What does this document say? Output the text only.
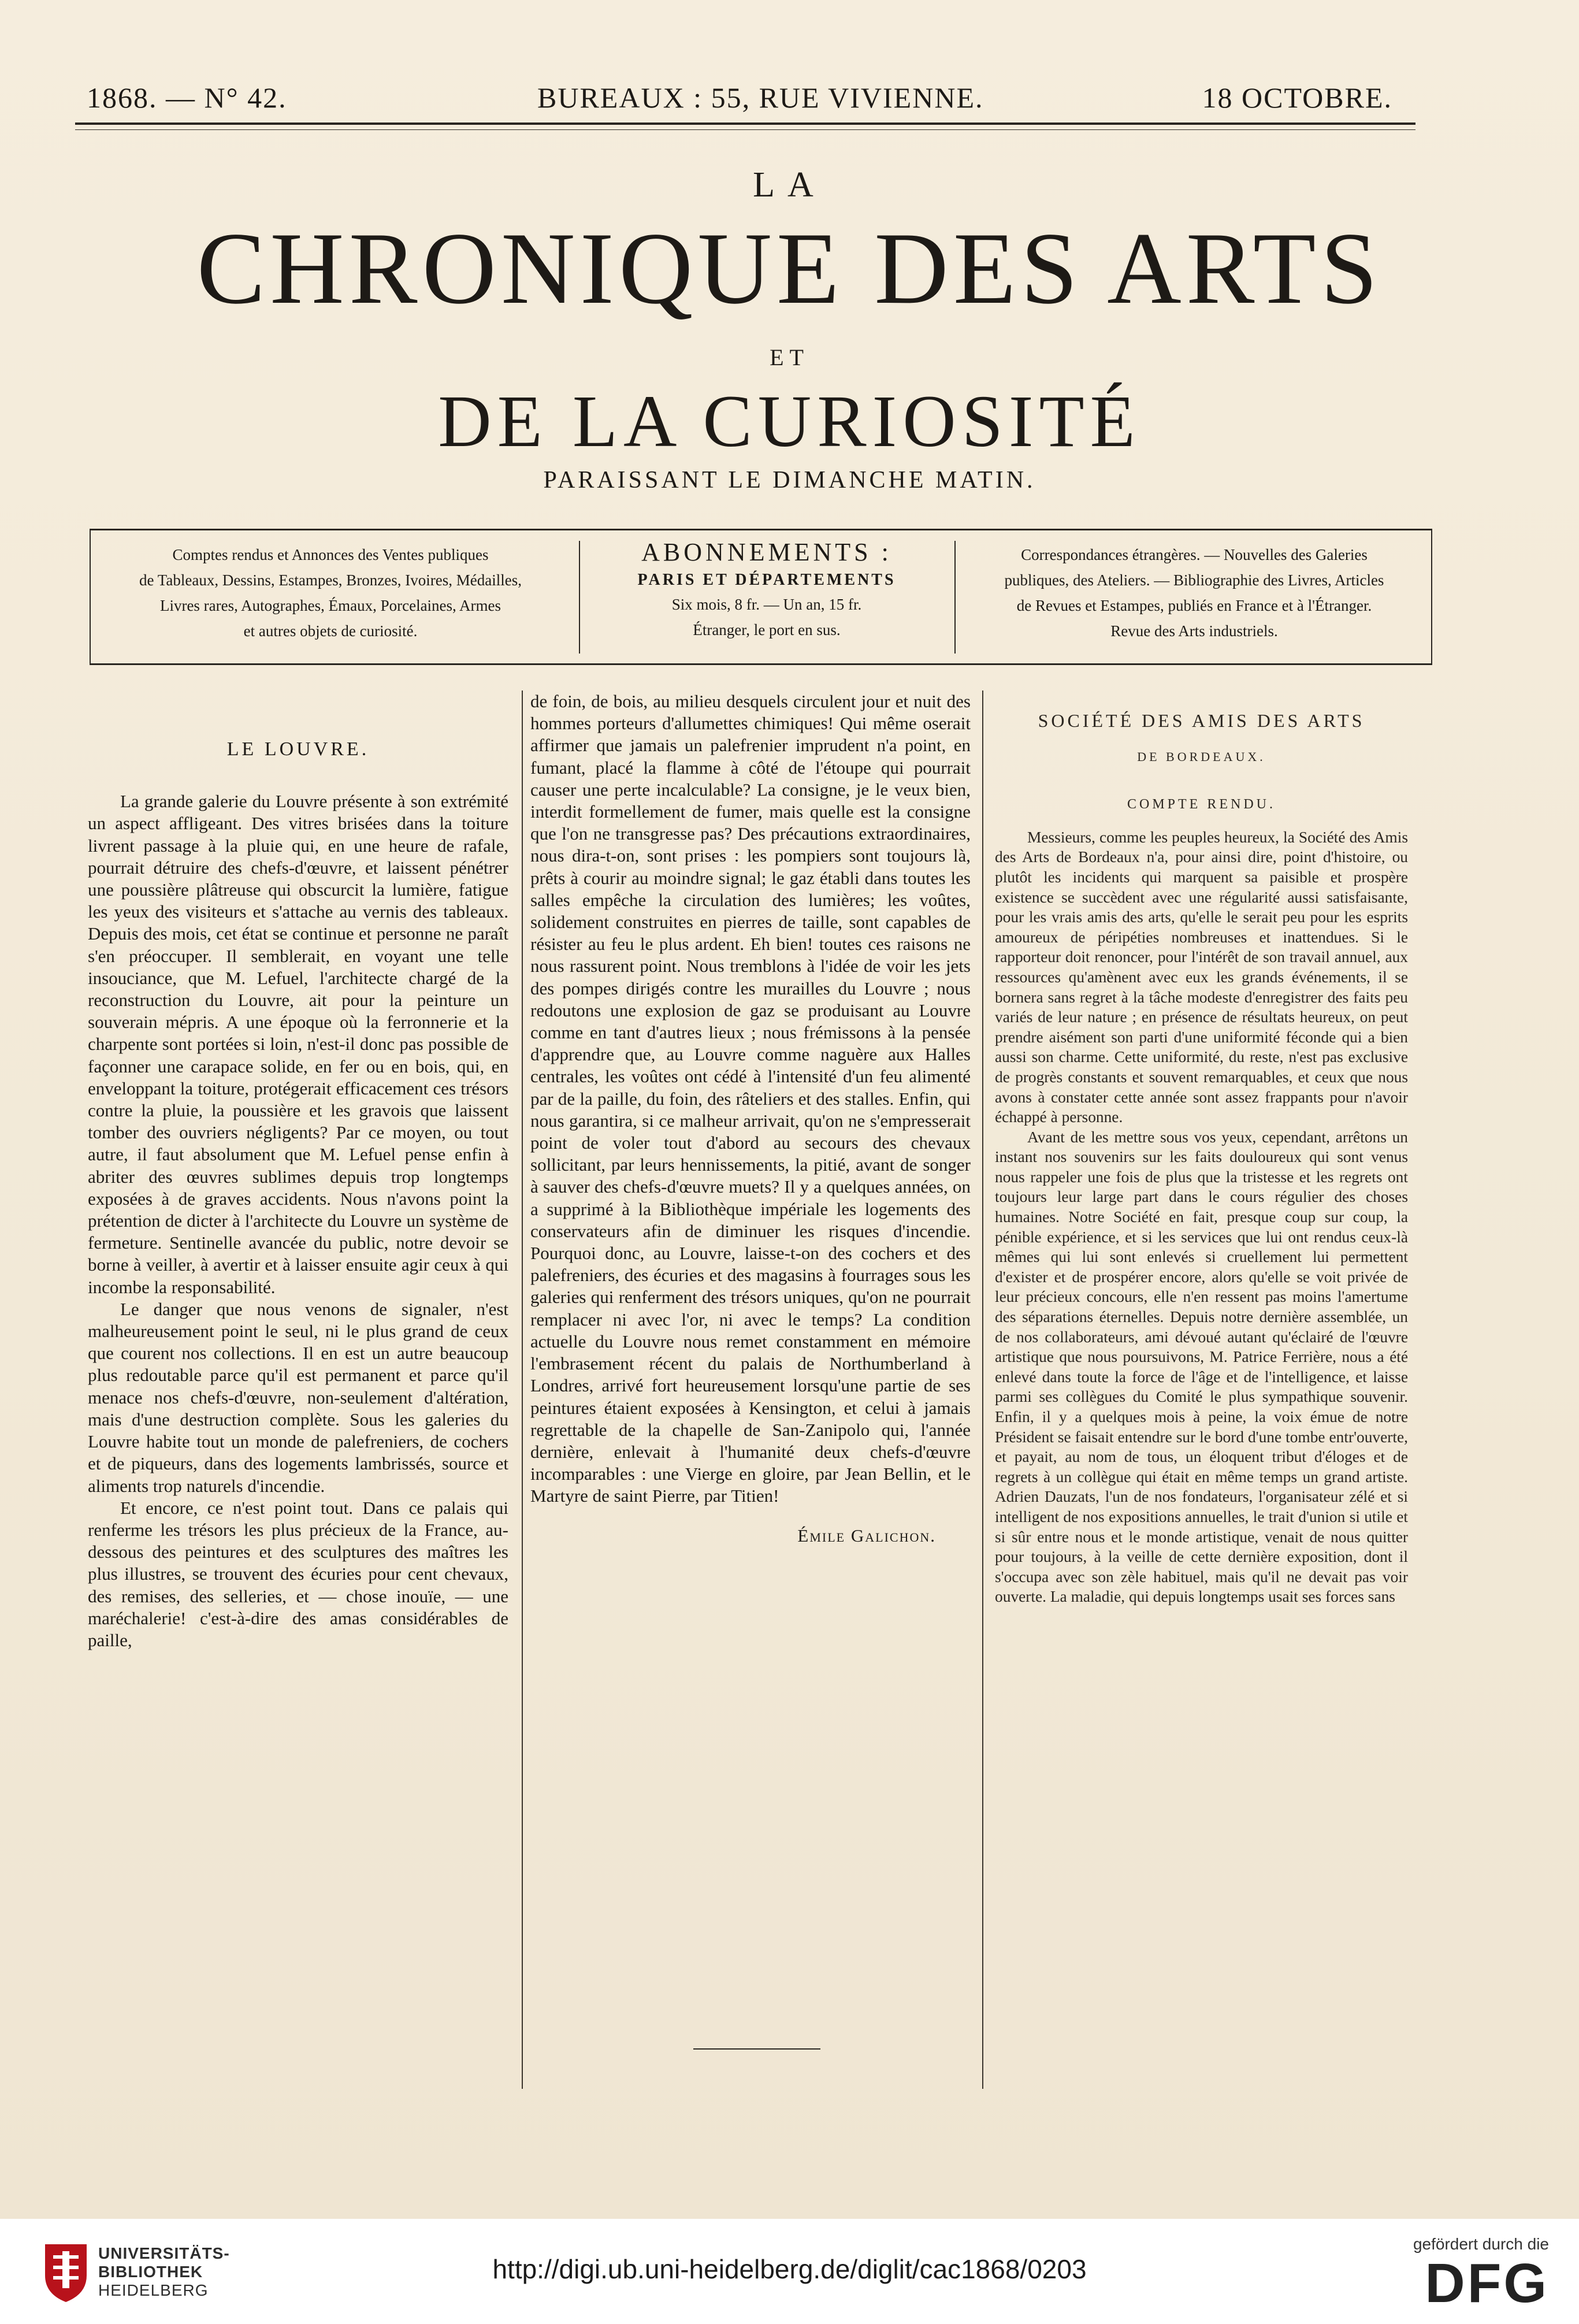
1868. — N° 42.	BUREAUX : 55, RUE VIVIENNE.	18 OCTOBRE.
LA
CHRONIQUE DES ARTS
ET
DE LA CURIOSITÉ
PARAISSANT LE DIMANCHE MATIN.
Comptes rendus et Annonces des Ventes publiques
de Tableaux, Dessins, Estampes, Bronzes, Ivoires, Médailles,
Livres rares, Autographes, Émaux, Porcelaines, Armes
et autres objets de curiosité.
ABONNEMENTS :
PARIS ET DÉPARTEMENTS
Six mois, 8 fr. — Un an, 15 fr.
Étranger, le port en sus.
Correspondances étrangères. — Nouvelles des Galeries
publiques, des Ateliers. — Bibliographie des Livres, Articles
de Revues et Estampes, publiés en France et à l'Étranger.
Revue des Arts industriels.
LE LOUVRE.

La grande galerie du Louvre présente à son extrémité un aspect affligeant. Des vitres brisées dans la toiture livrent passage à la pluie qui, en une heure de rafale, pourrait détruire des chefs-d'œuvre, et laissent pénétrer une poussière plâtreuse qui obscurcit la lumière, fatigue les yeux des visiteurs et s'attache au vernis des tableaux. Depuis des mois, cet état se continue et personne ne paraît s'en préoccuper. Il semblerait, en voyant une telle insouciance, que M. Lefuel, l'architecte chargé de la reconstruction du Louvre, ait pour la peinture un souverain mépris. A une époque où la ferronnerie et la charpente sont portées si loin, n'est-il donc pas possible de façonner une carapace solide, en fer ou en bois, qui, en enveloppant la toiture, protégerait efficacement ces trésors contre la pluie, la poussière et les gravois que laissent tomber des ouvriers négligents? Par ce moyen, ou tout autre, il faut absolument que M. Lefuel pense enfin à abriter des œuvres sublimes depuis trop longtemps exposées à de graves accidents. Nous n'avons point la prétention de dicter à l'architecte du Louvre un système de fermeture. Sentinelle avancée du public, notre devoir se borne à veiller, à avertir et à laisser ensuite agir ceux à qui incombe la responsabilité.

Le danger que nous venons de signaler, n'est malheureusement point le seul, ni le plus grand de ceux que courent nos collections. Il en est un autre beaucoup plus redoutable parce qu'il est permanent et parce qu'il menace nos chefs-d'œuvre, non-seulement d'altération, mais d'une destruction complète. Sous les galeries du Louvre habite tout un monde de palefreniers, de cochers et de piqueurs, dans des logements lambrissés, source et aliments trop naturels d'incendie.

Et encore, ce n'est point tout. Dans ce palais qui renferme les trésors les plus précieux de la France, au-dessous des peintures et des sculptures des maîtres les plus illustres, se trouvent des écuries pour cent chevaux, des remises, des selleries, et — chose inouïe, — une maréchalerie! c'est-à-dire des amas considérables de paille,

de foin, de bois, au milieu desquels circulent jour et nuit des hommes porteurs d'allumettes chimiques! Qui même oserait affirmer que jamais un palefrenier imprudent n'a point, en fumant, placé la flamme à côté de l'étoupe qui pourrait causer une perte incalculable? La consigne, je le veux bien, interdit formellement de fumer, mais quelle est la consigne que l'on ne transgresse pas? Des précautions extraordinaires, nous dira-t-on, sont prises : les pompiers sont toujours là, prêts à courir au moindre signal; le gaz établi dans toutes les salles empêche la circulation des lumières; les voûtes, solidement construites en pierres de taille, sont capables de résister au feu le plus ardent. Eh bien! toutes ces raisons ne nous rassurent point. Nous tremblons à l'idée de voir les jets des pompes dirigés contre les murailles du Louvre ; nous redoutons une explosion de gaz se produisant au Louvre comme en tant d'autres lieux ; nous frémissons à la pensée d'apprendre que, au Louvre comme naguère aux Halles centrales, les voûtes ont cédé à l'intensité d'un feu alimenté par de la paille, du foin, des râteliers et des stalles. Enfin, qui nous garantira, si ce malheur arrivait, qu'on ne s'empresserait point de voler tout d'abord au secours des chevaux sollicitant, par leurs hennissements, la pitié, avant de songer à sauver des chefs-d'œuvre muets? Il y a quelques années, on a supprimé à la Bibliothèque impériale les logements des conservateurs afin de diminuer les risques d'incendie. Pourquoi donc, au Louvre, laisse-t-on des cochers et des palefreniers, des écuries et des magasins à fourrages sous les galeries qui renferment des trésors uniques, qu'on ne pourrait remplacer ni avec l'or, ni avec le temps? La condition actuelle du Louvre nous remet constamment en mémoire l'embrasement récent du palais de Northumberland à Londres, arrivé fort heureusement lorsqu'une partie de ses peintures étaient exposées à Kensington, et celui à jamais regrettable de la chapelle de San-Zanipolo qui, l'année dernière, enlevait à l'humanité deux chefs-d'œuvre incomparables : une Vierge en gloire, par Jean Bellin, et le Martyre de saint Pierre, par Titien!

Émile Galichon.

SOCIÉTÉ DES AMIS DES ARTS
DE BORDEAUX.
COMPTE RENDU.

Messieurs, comme les peuples heureux, la Société des Amis des Arts de Bordeaux n'a, pour ainsi dire, point d'histoire, ou plutôt les incidents qui marquent sa paisible et prospère existence se succèdent avec une régularité aussi satisfaisante, pour les vrais amis des arts, qu'elle le serait peu pour les esprits amoureux de péripéties nombreuses et inattendues. Si le rapporteur doit renoncer, pour l'intérêt de son travail annuel, aux ressources qu'amènent avec eux les grands événements, il se bornera sans regret à la tâche modeste d'enregistrer des faits peu variés de leur nature ; en présence de résultats heureux, on peut prendre aisément son parti d'une uniformité féconde qui a bien aussi son charme. Cette uniformité, du reste, n'est pas exclusive de progrès constants et souvent remarquables, et ceux que nous avons à constater cette année sont assez frappants pour n'avoir échappé à personne.

Avant de les mettre sous vos yeux, cependant, arrêtons un instant nos souvenirs sur les faits douloureux qui sont venus nous rappeler une fois de plus que la tristesse et les regrets ont toujours leur large part dans le cours régulier des choses humaines. Notre Société en fait, presque coup sur coup, la pénible expérience, et si les services que lui ont rendus ceux-là mêmes qui lui sont enlevés si cruellement lui permettent d'exister et de prospérer encore, alors qu'elle se voit privée de leur précieux concours, elle n'en ressent pas moins l'amertume des séparations éternelles. Depuis notre dernière assemblée, un de nos collaborateurs, ami dévoué autant qu'éclairé de l'œuvre artistique que nous poursuivons, M. Patrice Ferrière, nous a été enlevé dans toute la force de l'âge et de l'intelligence, et laisse parmi ses collègues du Comité le plus sympathique souvenir. Enfin, il y a quelques mois à peine, la voix émue de notre Président se faisait entendre sur le bord d'une tombe entr'ouverte, et payait, au nom de tous, un éloquent tribut d'éloges et de regrets à un collègue qui était en même temps un grand artiste. Adrien Dauzats, l'un de nos fondateurs, l'organisateur zélé et si intelligent de nos expositions annuelles, le trait d'union si utile et si sûr entre nous et le monde artistique, venait de nous quitter pour toujours, à la veille de cette dernière exposition, dont il s'occupa avec son zèle habituel, mais qu'il ne devait pas voir ouverte. La maladie, qui depuis longtemps usait ses forces sans

UNIVERSITÄTS-
BIBLIOTHEK
HEIDELBERG
http://digi.ub.uni-heidelberg.de/diglit/cac1868/0203
gefördert durch die
DFG
